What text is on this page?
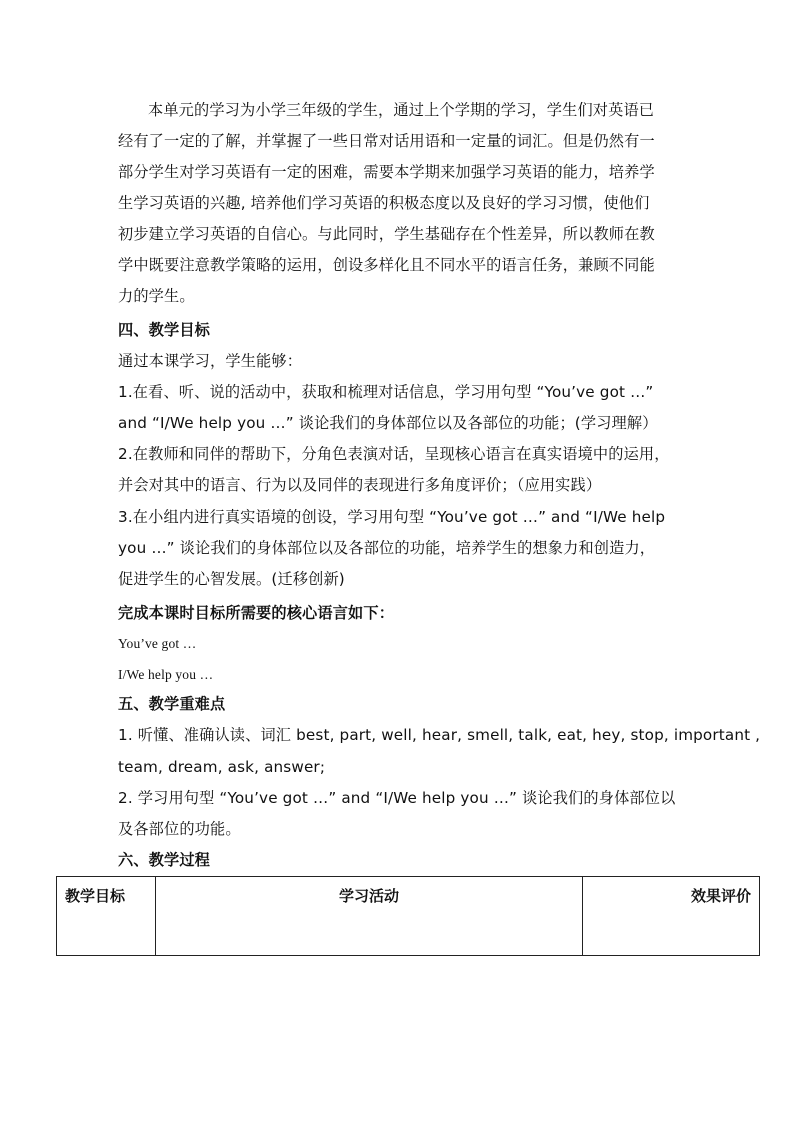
本单元的学习为小学三年级的学生，通过上个学期的学习，学生们对英语已
经有了一定的了解，并掌握了一些日常对话用语和一定量的词汇。但是仍然有一
部分学生对学习英语有一定的困难，需要本学期来加强学习英语的能力，培养学
生学习英语的兴趣, 培养他们学习英语的积极态度以及良好的学习习惯，使他们
初步建立学习英语的自信心。与此同时，学生基础存在个性差异，所以教师在教
学中既要注意教学策略的运用，创设多样化且不同水平的语言任务，兼顾不同能
力的学生。
四、教学目标
通过本课学习，学生能够：
1.在看、听、说的活动中，获取和梳理对话信息，学习用句型 “You’ve got …”
and “I/We help you …” 谈论我们的身体部位以及各部位的功能；(学习理解）
2.在教师和同伴的帮助下，分角色表演对话，呈现核心语言在真实语境中的运用，
并会对其中的语言、行为以及同伴的表现进行多角度评价；（应用实践）
3.在小组内进行真实语境的创设，学习用句型 “You’ve got …” and “I/We help
you …” 谈论我们的身体部位以及各部位的功能，培养学生的想象力和创造力，
促进学生的心智发展。(迁移创新)
完成本课时目标所需要的核心语言如下：
You’ve got …
I/We help you …
五、教学重难点
1. 听懂、准确认读、词汇 best, part, well, hear, smell, talk, eat, hey, stop, important ,
team, dream, ask, answer;
2. 学习用句型 “You’ve got …” and “I/We help you …” 谈论我们的身体部位以
及各部位的功能。
六、教学过程
教学目标	学习活动	效果评价
